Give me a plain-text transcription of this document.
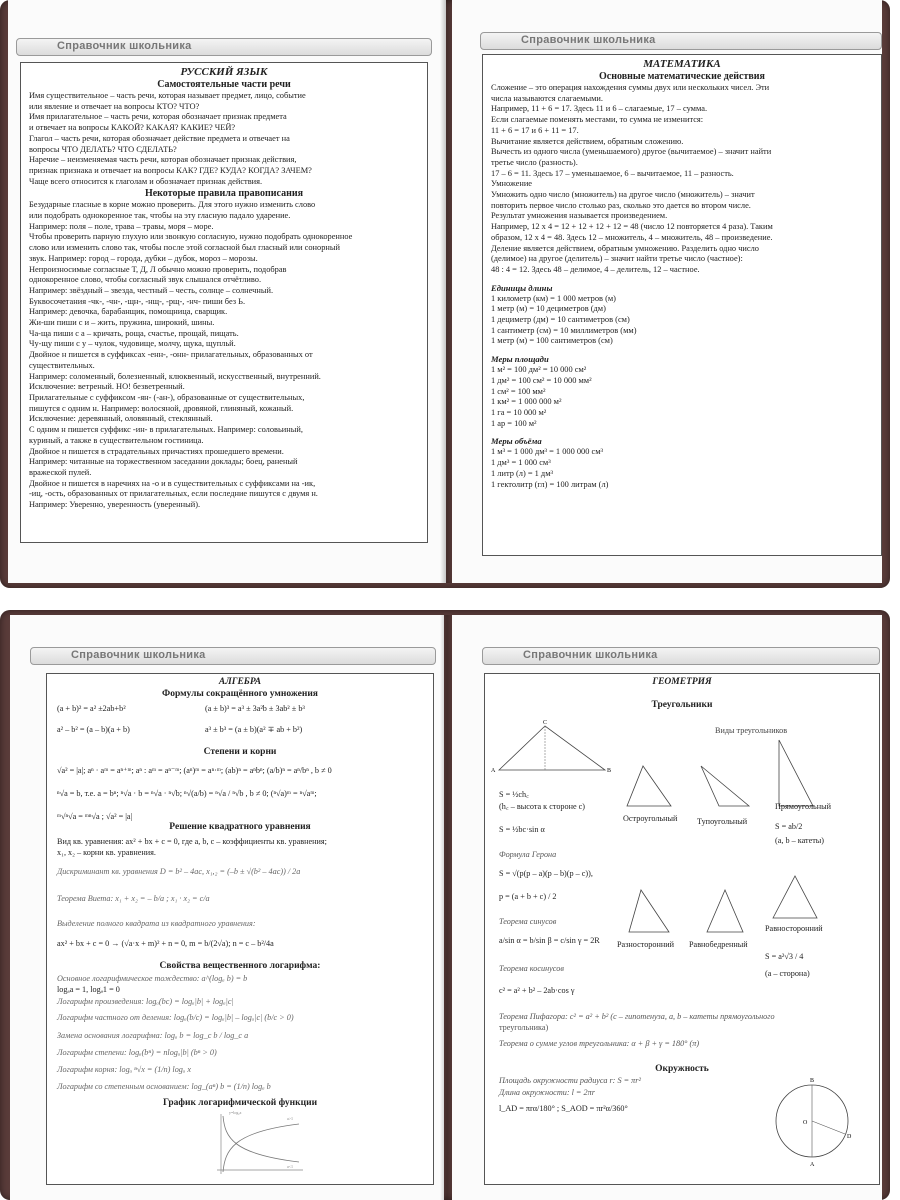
Справочник школьника
РУССКИЙ ЯЗЫК
Самостоятельные части речи
Имя существительное – часть речи, которая называет предмет, лицо, событие
или явление и отвечает на вопросы КТО? ЧТО?
Имя прилагательное – часть речи, которая обозначает признак предмета
и отвечает на вопросы КАКОЙ? КАКАЯ? КАКИЕ? ЧЕЙ?
Глагол – часть речи, которая обозначает действие предмета и отвечает на
вопросы ЧТО ДЕЛАТЬ? ЧТО СДЕЛАТЬ?
Наречие – неизменяемая часть речи, которая обозначает признак действия,
признак признака и отвечает на вопросы КАК? ГДЕ? КУДА? КОГДА? ЗАЧЕМ?
Чаще всего относится к глаголам и обозначает признак действия.
Некоторые правила правописания
Безударные гласные в корне можно проверить. Для этого нужно изменить слово
или подобрать однокоренное так, чтобы на эту гласную падало ударение.
Например: поля – поле, трава – травы, моря – море.
Чтобы проверить парную глухую или звонкую согласную, нужно подобрать однокоренное
слово или изменить слово так, чтобы после этой согласной был гласный или сонорный
звук. Например: город – города, дубки – дубок, мороз – морозы.
Непроизносимые согласные Т, Д, Л обычно можно проверить, подобрав
однокоренное слово, чтобы согласный звук слышался отчётливо.
Например: звёздный – звезда, честный – честь, солнце – солнечный.
Буквосочетания -чк-, -чн-, -щн-, -нщ-, -рщ-, -нч- пиши без Ь.
Например: девочка, барабанщик, помощница, сварщик.
Жи-ши пиши с и – жить, пружина, широкий, шины.
Ча-ща пиши с а – кричать, роща, счастье, прощай, пищать.
Чу-щу пиши с у – чулок, чудовище, молчу, щука, щупльй.
Двойное н пишется в суффиксах -енн-, -онн- прилагательных, образованных от
существительных.
Например: соломенный, болезненный, клюквенный, искусственный, внутренний.
Исключение: ветреный. НО! безветренный.
Прилагательные с суффиксом -ян- (-ан-), образованные от существительных,
пишутся с одним н. Например: волосяной, дровяной, глиняный, кожаный.
Исключение: деревянный, оловянный, стеклянный.
С одним н пишется суффикс -ин- в прилагательных. Например: соловьиный,
куриный, а также в существительном гостиница.
Двойное н пишется в страдательных причастиях прошедшего времени.
Например: читанные на торжественном заседании доклады; боец, раненый
вражеской пулей.
Двойное н пишется в наречиях на -о и в существительных с суффиксами на -ик,
-иц, -ость, образованных от прилагательных, если последние пишутся с двумя н.
Например: Уверенно, уверенность (уверенный).
Справочник школьника
МАТЕМАТИКА
Основные математические действия
Сложение – это операция нахождения суммы двух или нескольких чисел. Эти
числа называются слагаемыми.
Например, 11 + 6 = 17. Здесь 11 и 6 – слагаемые, 17 – сумма.
Если слагаемые поменять местами, то сумма не изменится:
11 + 6 = 17 и 6 + 11 = 17.
Вычитание является действием, обратным сложению.
Вычесть из одного числа (уменьшаемого) другое (вычитаемое) – значит найти
третье число (разность).
17 – 6 = 11. Здесь 17 – уменьшаемое, 6 – вычитаемое, 11 – разность.
Умножение
Умножить одно число (множитель) на другое число (множитель) – значит
повторить первое число столько раз, сколько это дается во втором числе.
Результат умножения называется произведением.
Например, 12 х 4 = 12 + 12 + 12 + 12 = 48 (число 12 повторяется 4 раза). Таким
образом, 12 х 4 = 48. Здесь 12 – множитель, 4 – множитель, 48 – произведение.
Деление является действием, обратным умножению. Разделить одно число
(делимое) на другое (делитель) – значит найти третье число (частное):
48 : 4 = 12. Здесь 48 – делимое, 4 – делитель, 12 – частное.
Единицы длины
1 километр (км) = 1 000 метров (м)
1 метр (м) = 10 дециметров (дм)
1 дециметр (дм) = 10 сантиметров (см)
1 сантиметр (см) = 10 миллиметров (мм)
1 метр (м) = 100 сантиметров (см)
Меры площади
1 м² = 100 дм² = 10 000 см²
1 дм² = 100 см² = 10 000 мм²
1 см² = 100 мм²
1 км² = 1 000 000 м²
1 га = 10 000 м²
1 ар = 100 м²
Меры объёма
1 м³ = 1 000 дм³ = 1 000 000 см³
1 дм³ = 1 000 см³
1 литр (л) = 1 дм³
1 гектолитр (гл) = 100 литрам (л)
Справочник школьника
АЛГЕБРА
Формулы сокращённого умножения
(a + b)² = a² ±2ab+b²	(a ± b)³ = a³ ± 3a²b ± 3ab² ± b³
a² – b² = (a – b)(a + b)	a³ ± b³ = (a ± b)(a² ∓ ab + b²)
Степени и корни
√a² = |a|; aⁿ · aᵐ = aⁿ⁺ᵐ; aⁿ : aᵐ = aⁿ⁻ᵐ; (aⁿ)ᵐ = aⁿ·ᵐ; (ab)ⁿ = aⁿbⁿ; (a/b)ⁿ = aⁿ/bⁿ , b ≠ 0
ⁿ√a = b, т.е. a = bⁿ; ⁿ√a · b = ⁿ√a · ⁿ√b; ⁿ√(a/b) = ⁿ√a / ⁿ√b , b ≠ 0; (ⁿ√a)ᵐ = ⁿ√aᵐ;
ᵐ√ⁿ√a = ᵐⁿ√a ; √a² = |a|
Решение квадратного уравнения
Вид кв. уравнения: ax² + bx + c = 0, где a, b, c – коэффициенты кв. уравнения;
x₁, x₂ – корни кв. уравнения.
Дискриминант кв. уравнения D = b² – 4ac, x₁,₂ = (–b ± √(b² – 4ac)) / 2a
Теорема Виета: x₁ + x₂ = – b/a ; x₁ · x₂ = c/a
Выделение полного квадрата из квадратного уравнения:
ax² + bx + c = 0 → (√a·x + m)² + n = 0, m = b/(2√a); n = c – b²/4a
Свойства вещественного логарифма:
Основное логарифмическое тождество: a^(logₐ b) = b
logₐa = 1, logₐ1 = 0
Логарифм произведения: logₐ(bc) = logₐ|b| + logₐ|c|
Логарифм частного от деления: logₐ(b/c) = logₐ|b| – logₐ|c| (b/c > 0)
Замена основания логарифма: logₐ b = log_c b / log_c a
Логарифм степени: logₐ(bⁿ) = nlogₐ|b| (bⁿ > 0)
Логарифм корня: logₐ ⁿ√x = (1/n) logₐ x
Логарифм со степенным основанием: log_(aⁿ) b = (1/n) logₐ b
График логарифмической функции
y=logₐx
a>1
a<1
Справочник школьника
ГЕОМЕТРИЯ
Треугольники
A	B
C
Виды треугольников
S = ½ch꜀
(h꜀ – высота к стороне c)
S = ½bc·sin α
Остроугольный Тупоугольный
Прямоугольный
S = ab/2
(a, b – катеты)
Формула Герона
S = √(p(p – a)(p – b)(p – c)),
p = (a + b + c) / 2
Теорема синусов
a/sin α = b/sin β = c/sin γ = 2R
Теорема косинусов
c² = a² + b² – 2ab·cos γ
Разносторонний Равнобедренный
Равносторонний
S = a²√3 / 4
(a – сторона)
Теорема Пифагора: c² = a² + b² (c – гипотенуза, a, b – катеты прямоугольного
треугольника)
Теорема о сумме углов треугольника: α + β + γ = 180° (π)
Окружность
Площадь окружности радиуса r: S = πr²
Длина окружности: l = 2πr
l_AD = πrα/180° ; S_AOD = πr²α/360°
B
A
D
O
